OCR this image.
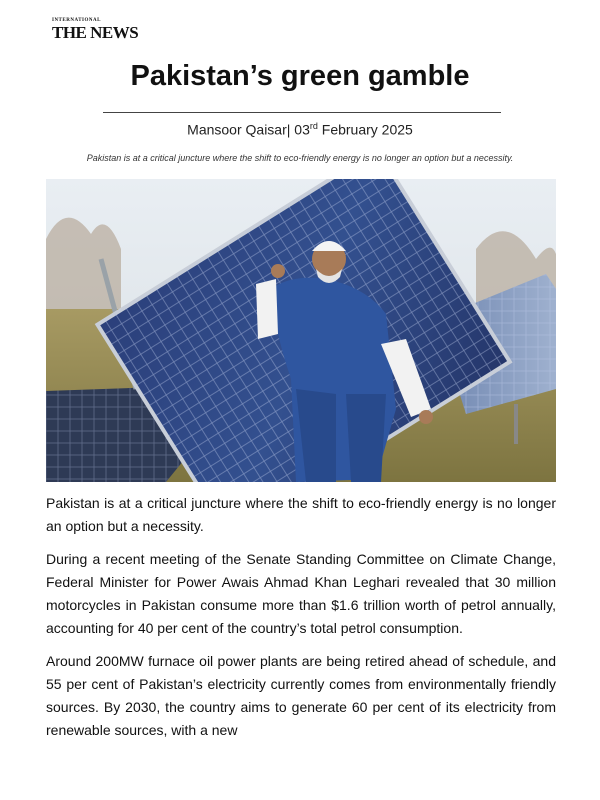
INTERNATIONAL
THE NEWS
Pakistan’s green gamble
Mansoor Qaisar| 03rd February 2025
Pakistan is at a critical juncture where the shift to eco-friendly energy is no longer an option but a necessity.

Pakistan is at a critical juncture where the shift to eco-friendly energy is no longer an option but a necessity.

During a recent meeting of the Senate Standing Committee on Climate Change, Federal Minister for Power Awais Ahmad Khan Leghari revealed that 30 million motorcycles in Pakistan consume more than $1.6 trillion worth of petrol annually, accounting for 40 per cent of the country’s total petrol consumption.

Around 200MW furnace oil power plants are being retired ahead of schedule, and 55 per cent of Pakistan’s electricity currently comes from environmentally friendly sources. By 2030, the country aims to generate 60 per cent of its electricity from renewable sources, with a new
